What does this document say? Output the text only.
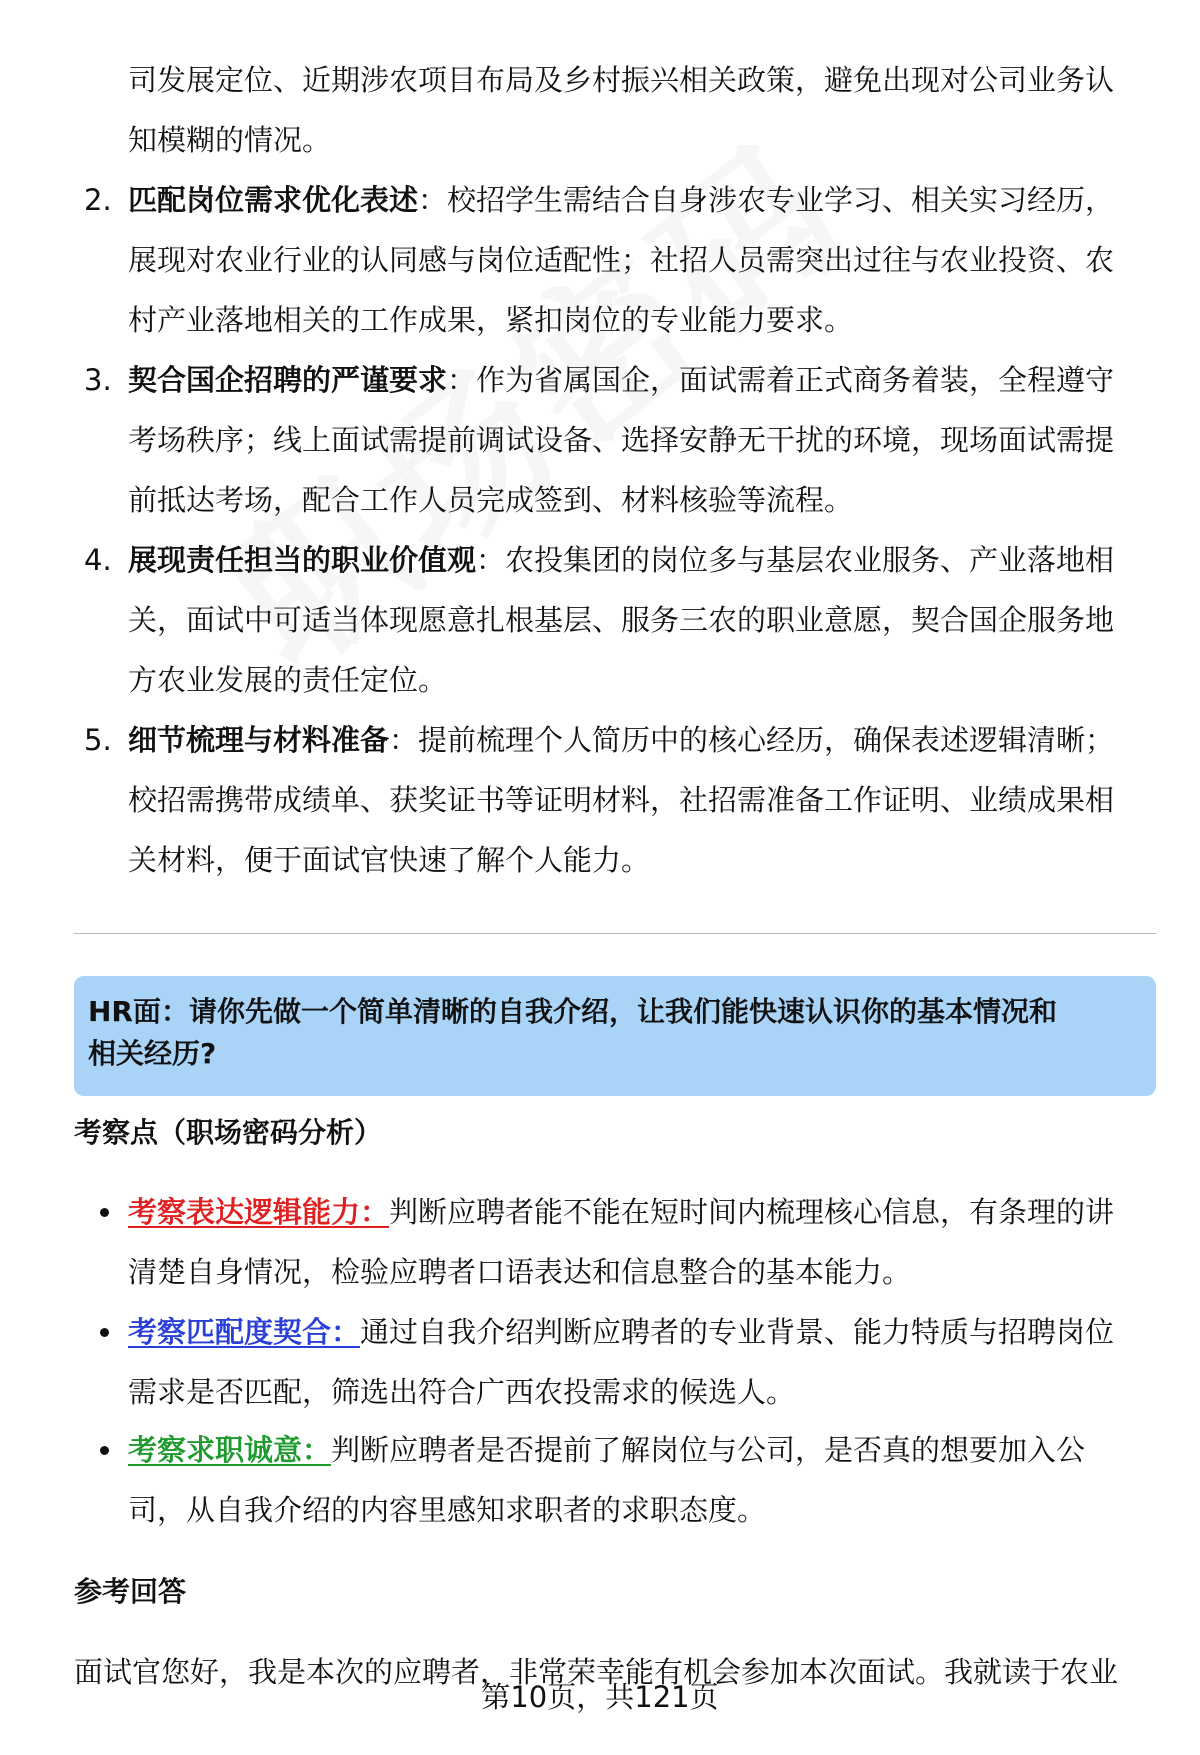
司发展定位、近期涉农项目布局及乡村振兴相关政策，避免出现对公司业务认
知模糊的情况。
2. 匹配岗位需求优化表述：校招学生需结合自身涉农专业学习、相关实习经历，
展现对农业行业的认同感与岗位适配性；社招人员需突出过往与农业投资、农
村产业落地相关的工作成果，紧扣岗位的专业能力要求。
3. 契合国企招聘的严谨要求：作为省属国企，面试需着正式商务着装，全程遵守
考场秩序；线上面试需提前调试设备、选择安静无干扰的环境，现场面试需提
前抵达考场，配合工作人员完成签到、材料核验等流程。
4. 展现责任担当的职业价值观：农投集团的岗位多与基层农业服务、产业落地相
关，面试中可适当体现愿意扎根基层、服务三农的职业意愿，契合国企服务地
方农业发展的责任定位。
5. 细节梳理与材料准备：提前梳理个人简历中的核心经历，确保表述逻辑清晰；
校招需携带成绩单、获奖证书等证明材料，社招需准备工作证明、业绩成果相
关材料，便于面试官快速了解个人能力。
HR面：请你先做一个简单清晰的自我介绍，让我们能快速认识你的基本情况和
相关经历?
考察点（职场密码分析）
考察表达逻辑能力：判断应聘者能不能在短时间内梳理核心信息，有条理的讲
清楚自身情况，检验应聘者口语表达和信息整合的基本能力。
考察匹配度契合：通过自我介绍判断应聘者的专业背景、能力特质与招聘岗位
需求是否匹配，筛选出符合广西农投需求的候选人。
考察求职诚意：判断应聘者是否提前了解岗位与公司，是否真的想要加入公
司，从自我介绍的内容里感知求职者的求职态度。
参考回答
面试官您好，我是本次的应聘者，非常荣幸能有机会参加本次面试。我就读于农业
第10页，共121页
